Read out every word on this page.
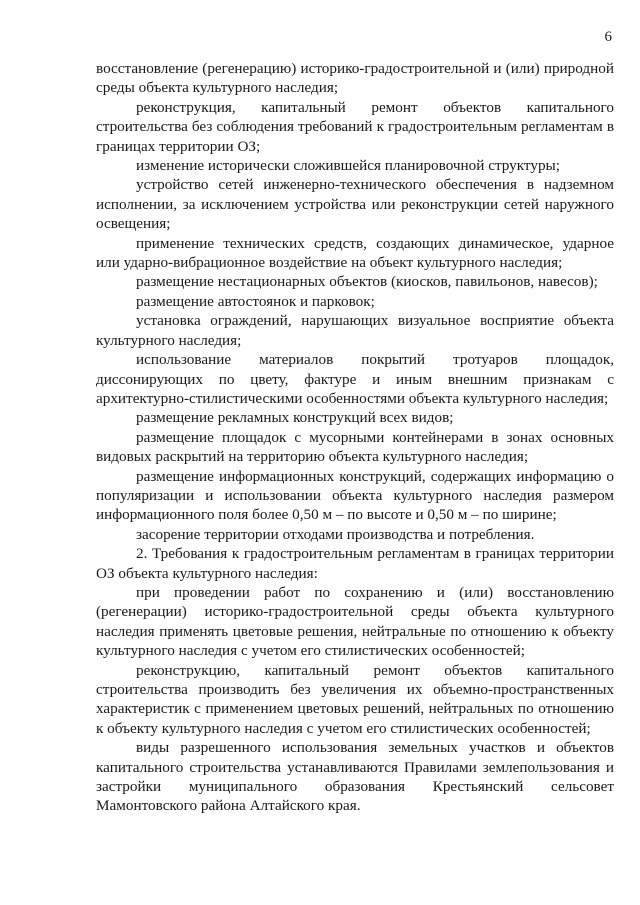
6

восстановление (регенерацию) историко-градостроительной и (или) природной среды объекта культурного наследия;

реконструкция, капитальный ремонт объектов капитального строительства без соблюдения требований к градостроительным регламентам в границах территории ОЗ;

изменение исторически сложившейся планировочной структуры;

устройство сетей инженерно-технического обеспечения в надземном исполнении, за исключением устройства или реконструкции сетей наружного освещения;

применение технических средств, создающих динамическое, ударное или ударно-вибрационное воздействие на объект культурного наследия;

размещение нестационарных объектов (киосков, павильонов, навесов);

размещение автостоянок и парковок;

установка ограждений, нарушающих визуальное восприятие объекта культурного наследия;

использование материалов покрытий тротуаров площадок, диссонирующих по цвету, фактуре и иным внешним признакам с архитектурно-стилистическими особенностями объекта культурного наследия;

размещение рекламных конструкций всех видов;

размещение площадок с мусорными контейнерами в зонах основных видовых раскрытий на территорию объекта культурного наследия;

размещение информационных конструкций, содержащих информацию о популяризации и использовании объекта культурного наследия размером информационного поля более 0,50 м – по высоте и 0,50 м – по ширине;

засорение территории отходами производства и потребления.

2. Требования к градостроительным регламентам в границах территории ОЗ объекта культурного наследия:

при проведении работ по сохранению и (или) восстановлению (регенерации) историко-градостроительной среды объекта культурного наследия применять цветовые решения, нейтральные по отношению к объекту культурного наследия с учетом его стилистических особенностей;

реконструкцию, капитальный ремонт объектов капитального строительства производить без увеличения их объемно-пространственных характеристик с применением цветовых решений, нейтральных по отношению к объекту культурного наследия с учетом его стилистических особенностей;

виды разрешенного использования земельных участков и объектов капитального строительства устанавливаются Правилами землепользования и застройки муниципального образования Крестьянский сельсовет Мамонтовского района Алтайского края.
